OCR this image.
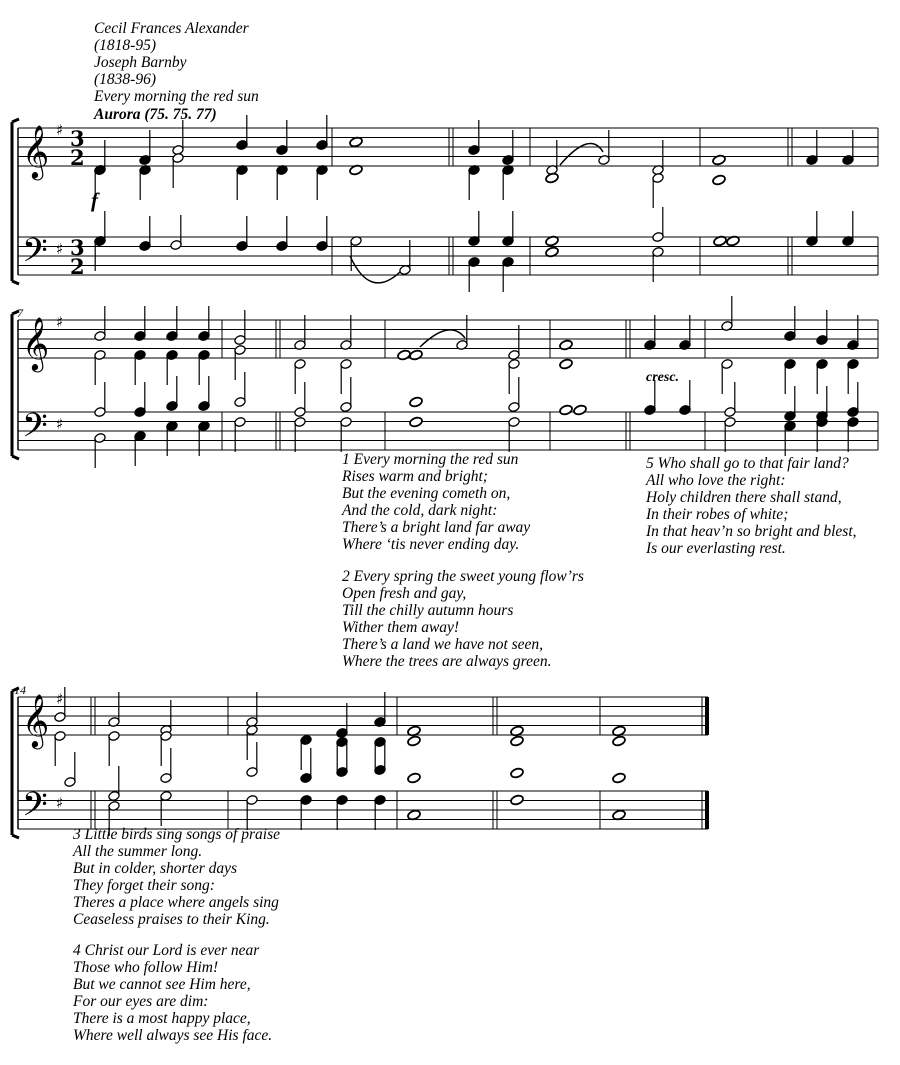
Cecil Frances Alexander
(1818-95)
Joseph Barnby
(1838-96)
Every morning the red sun
Aurora (75. 75. 77)
𝄞
𝄢
♯
♯
3
2
3
2
𝄞
𝄢
♯
♯
𝄞
𝄢
♯
♯
7
14
f
cresc.
1 Every morning the red sun
Rises warm and bright;
But the evening cometh on,
And the cold, dark night:
There’s a bright land far away
Where ‘tis never ending day.
2 Every spring the sweet young flow’rs
Open fresh and gay,
Till the chilly autumn hours
Wither them away!
There’s a land we have not seen,
Where the trees are always green.
3 Little birds sing songs of praise
All the summer long.
But in colder, shorter days
They forget their song:
Theres a place where angels sing
Ceaseless praises to their King.
4 Christ our Lord is ever near
Those who follow Him!
But we cannot see Him here,
For our eyes are dim:
There is a most happy place,
Where well always see His face.
5 Who shall go to that fair land?
All who love the right:
Holy children there shall stand,
In their robes of white;
In that heav’n so bright and blest,
Is our everlasting rest.
